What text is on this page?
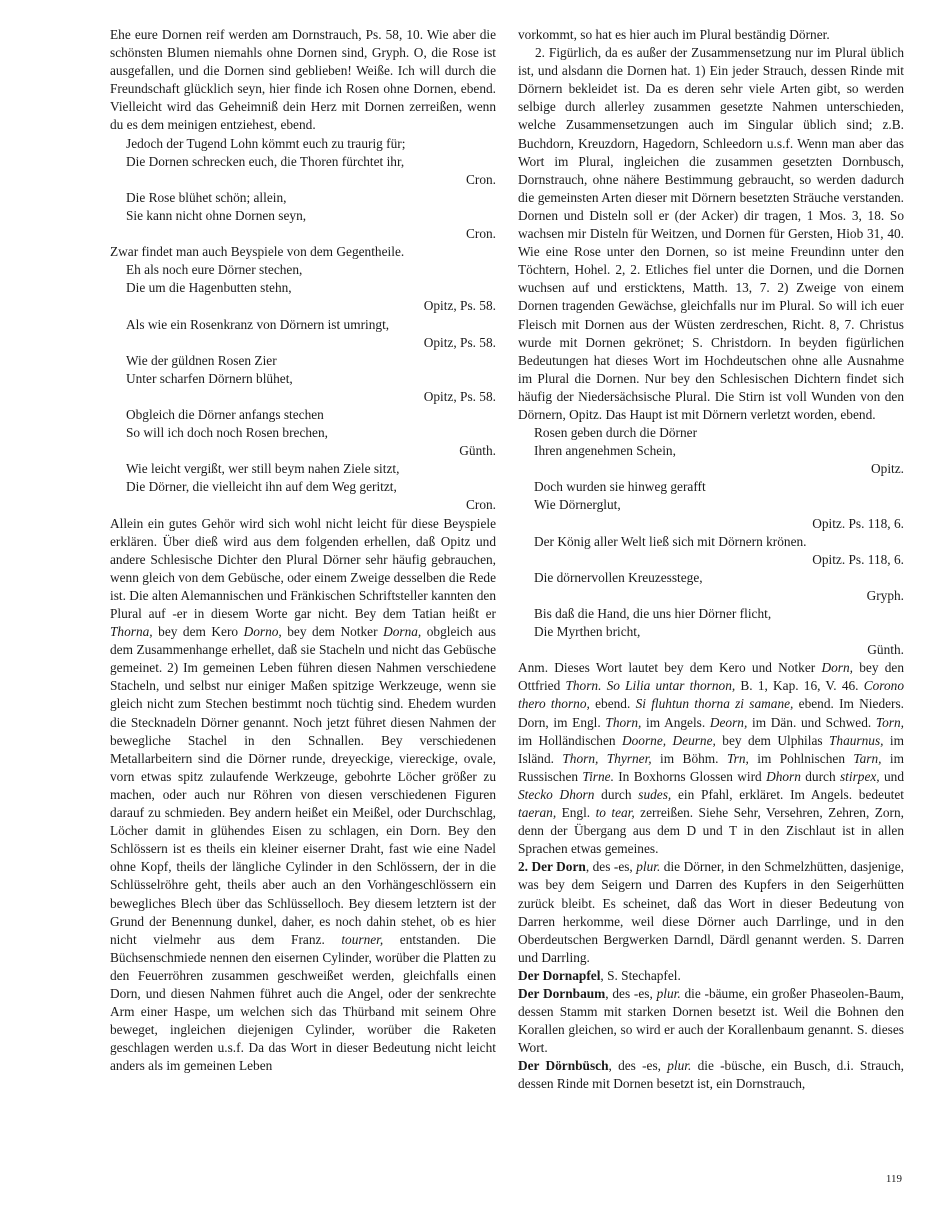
Ehe eure Dornen reif werden am Dornstrauch, Ps. 58, 10. Wie aber die schönsten Blumen niemahls ohne Dornen sind, Gryph. O, die Rose ist ausgefallen, und die Dornen sind geblieben! Weiße. Ich will durch die Freundschaft glücklich seyn, hier finde ich Rosen ohne Dornen, ebend. Vielleicht wird das Geheimniß dein Herz mit Dornen zerreißen, wenn du es dem meinigen entziehest, ebend.
Jedoch der Tugend Lohn kömmt euch zu traurig für;
Die Dornen schrecken euch, die Thoren fürchtet ihr,
Cron.
Die Rose blühet schön; allein,
Sie kann nicht ohne Dornen seyn,
Cron.
Zwar findet man auch Beyspiele von dem Gegentheile.
Eh als noch eure Dörner stechen,
Die um die Hagenbutten stehn,
Opitz, Ps. 58.
Als wie ein Rosenkranz von Dörnern ist umringt,
Opitz, Ps. 58.
Wie der güldnen Rosen Zier
Unter scharfen Dörnern blühet,
Opitz, Ps. 58.
Obgleich die Dörner anfangs stechen
So will ich doch noch Rosen brechen,
Günth.
Wie leicht vergißt, wer still beym nahen Ziele sitzt,
Die Dörner, die vielleicht ihn auf dem Weg geritzt,
Cron.
Allein ein gutes Gehör wird sich wohl nicht leicht für diese Beyspiele erklären. Über dieß wird aus dem folgenden erhellen, daß Opitz und andere Schlesische Dichter den Plural Dörner sehr häufig gebrauchen, wenn gleich von dem Gebüsche, oder einem Zweige desselben die Rede ist. Die alten Alemannischen und Fränkischen Schriftsteller kannten den Plural auf -er in diesem Worte gar nicht. Bey dem Tatian heißt er Thorna, bey dem Kero Dorno, bey dem Notker Dorna, obgleich aus dem Zusammenhange erhellet, daß sie Stacheln und nicht das Gebüsche gemeinet. 2) Im gemeinen Leben führen diesen Nahmen verschiedene Stacheln, und selbst nur einiger Maßen spitzige Werkzeuge, wenn sie gleich nicht zum Stechen bestimmt noch tüchtig sind. Ehedem wurden die Stecknadeln Dörner genannt. Noch jetzt führet diesen Nahmen der bewegliche Stachel in den Schnallen. Bey verschiedenen Metallarbeitern sind die Dörner runde, dreyeckige, viereckige, ovale, vorn etwas spitz zulaufende Werkzeuge, gebohrte Löcher größer zu machen, oder auch nur Röhren von diesen verschiedenen Figuren darauf zu schmieden. Bey andern heißet ein Meißel, oder Durchschlag, Löcher damit in glühendes Eisen zu schlagen, ein Dorn. Bey den Schlössern ist es theils ein kleiner eiserner Draht, fast wie eine Nadel ohne Kopf, theils der längliche Cylinder in den Schlössern, der in die Schlüsselröhre geht, theils aber auch an den Vorhängeschlössern ein bewegliches Blech über das Schlüsselloch. Bey diesem letztern ist der Grund der Benennung dunkel, daher, es noch dahin stehet, ob es hier nicht vielmehr aus dem Franz. tourner, entstanden. Die Büchsenschmiede nennen den eisernen Cylinder, worüber die Platten zu den Feuerröhren zusammen geschweißet werden, gleichfalls einen Dorn, und diesen Nahmen führet auch die Angel, oder der senkrechte Arm einer Haspe, um welchen sich das Thürband mit seinem Ohre beweget, ingleichen diejenigen Cylinder, worüber die Raketen geschlagen werden u.s.f. Da das Wort in dieser Bedeutung nicht leicht anders als im gemeinen Leben
vorkommt, so hat es hier auch im Plural beständig Dörner.
2. Figürlich, da es außer der Zusammensetzung nur im Plural üblich ist, und alsdann die Dornen hat. 1) Ein jeder Strauch, dessen Rinde mit Dörnern bekleidet ist. Da es deren sehr viele Arten gibt, so werden selbige durch allerley zusammen gesetzte Nahmen unterschieden, welche Zusammensetzungen auch im Singular üblich sind; z.B. Buchdorn, Kreuzdorn, Hagedorn, Schleedorn u.s.f. Wenn man aber das Wort im Plural, ingleichen die zusammen gesetzten Dornbusch, Dornstrauch, ohne nähere Bestimmung gebraucht, so werden dadurch die gemeinsten Arten dieser mit Dörnern besetzten Sträuche verstanden. Dornen und Disteln soll er (der Acker) dir tragen, 1 Mos. 3, 18. So wachsen mir Disteln für Weitzen, und Dornen für Gersten, Hiob 31, 40. Wie eine Rose unter den Dornen, so ist meine Freundinn unter den Töchtern, Hohel. 2, 2. Etliches fiel unter die Dornen, und die Dornen wuchsen auf und ersticktens, Matth. 13, 7. 2) Zweige von einem Dornen tragenden Gewächse, gleichfalls nur im Plural. So will ich euer Fleisch mit Dornen aus der Wüsten zerdreschen, Richt. 8, 7. Christus wurde mit Dornen gekrönet; S. Christdorn. In beyden figürlichen Bedeutungen hat dieses Wort im Hochdeutschen ohne alle Ausnahme im Plural die Dornen. Nur bey den Schlesischen Dichtern findet sich häufig der Niedersächsische Plural. Die Stirn ist voll Wunden von den Dörnern, Opitz. Das Haupt ist mit Dörnern verletzt worden, ebend.
Rosen geben durch die Dörner
Ihren angenehmen Schein,
Opitz.
Doch wurden sie hinweg gerafft
Wie Dörnerglut,
Opitz. Ps. 118, 6.
Der König aller Welt ließ sich mit Dörnern krönen.
Opitz. Ps. 118, 6.
Die dörnervollen Kreuzesstege,
Gryph.
Bis daß die Hand, die uns hier Dörner flicht,
Die Myrthen bricht,
Günth.
Anm. Dieses Wort lautet bey dem Kero und Notker Dorn, bey den Ottfried Thorn. So Lilia untar thornon, B. 1, Kap. 16, V. 46. Corono thero thorno, ebend. Si fluhtun thorna zi samane, ebend. Im Nieders. Dorn, im Engl. Thorn, im Angels. Deorn, im Dän. und Schwed. Torn, im Holländischen Doorne, Deurne, bey dem Ulphilas Thaurnus, im Isländ. Thorn, Thyrner, im Böhm. Trn, im Pohlnischen Tarn, im Russischen Tirne. In Boxhorns Glossen wird Dhorn durch stirpex, und Stecko Dhorn durch sudes, ein Pfahl, erkläret. Im Angels. bedeutet taeran, Engl. to tear, zerreißen. Siehe Sehr, Versehren, Zehren, Zorn, denn der Übergang aus dem D und T in den Zischlaut ist in allen Sprachen etwas gemeines.
2. Der Dorn, des -es, plur. die Dörner, in den Schmelzhütten, dasjenige, was bey dem Seigern und Darren des Kupfers in den Seigerhütten zurück bleibt. Es scheinet, daß das Wort in dieser Bedeutung von Darren herkomme, weil diese Dörner auch Darrlinge, und in den Oberdeutschen Bergwerken Darndl, Därdl genannt werden. S. Darren und Darrling.
Der Dornapfel, S. Stechapfel.
Der Dornbaum, des -es, plur. die -bäume, ein großer Phaseolen-Baum, dessen Stamm mit starken Dornen besetzt ist. Weil die Bohnen den Korallen gleichen, so wird er auch der Korallenbaum genannt. S. dieses Wort.
Der Dörnbüsch, des -es, plur. die -büsche, ein Busch, d.i. Strauch, dessen Rinde mit Dornen besetzt ist, ein Dornstrauch,
119
